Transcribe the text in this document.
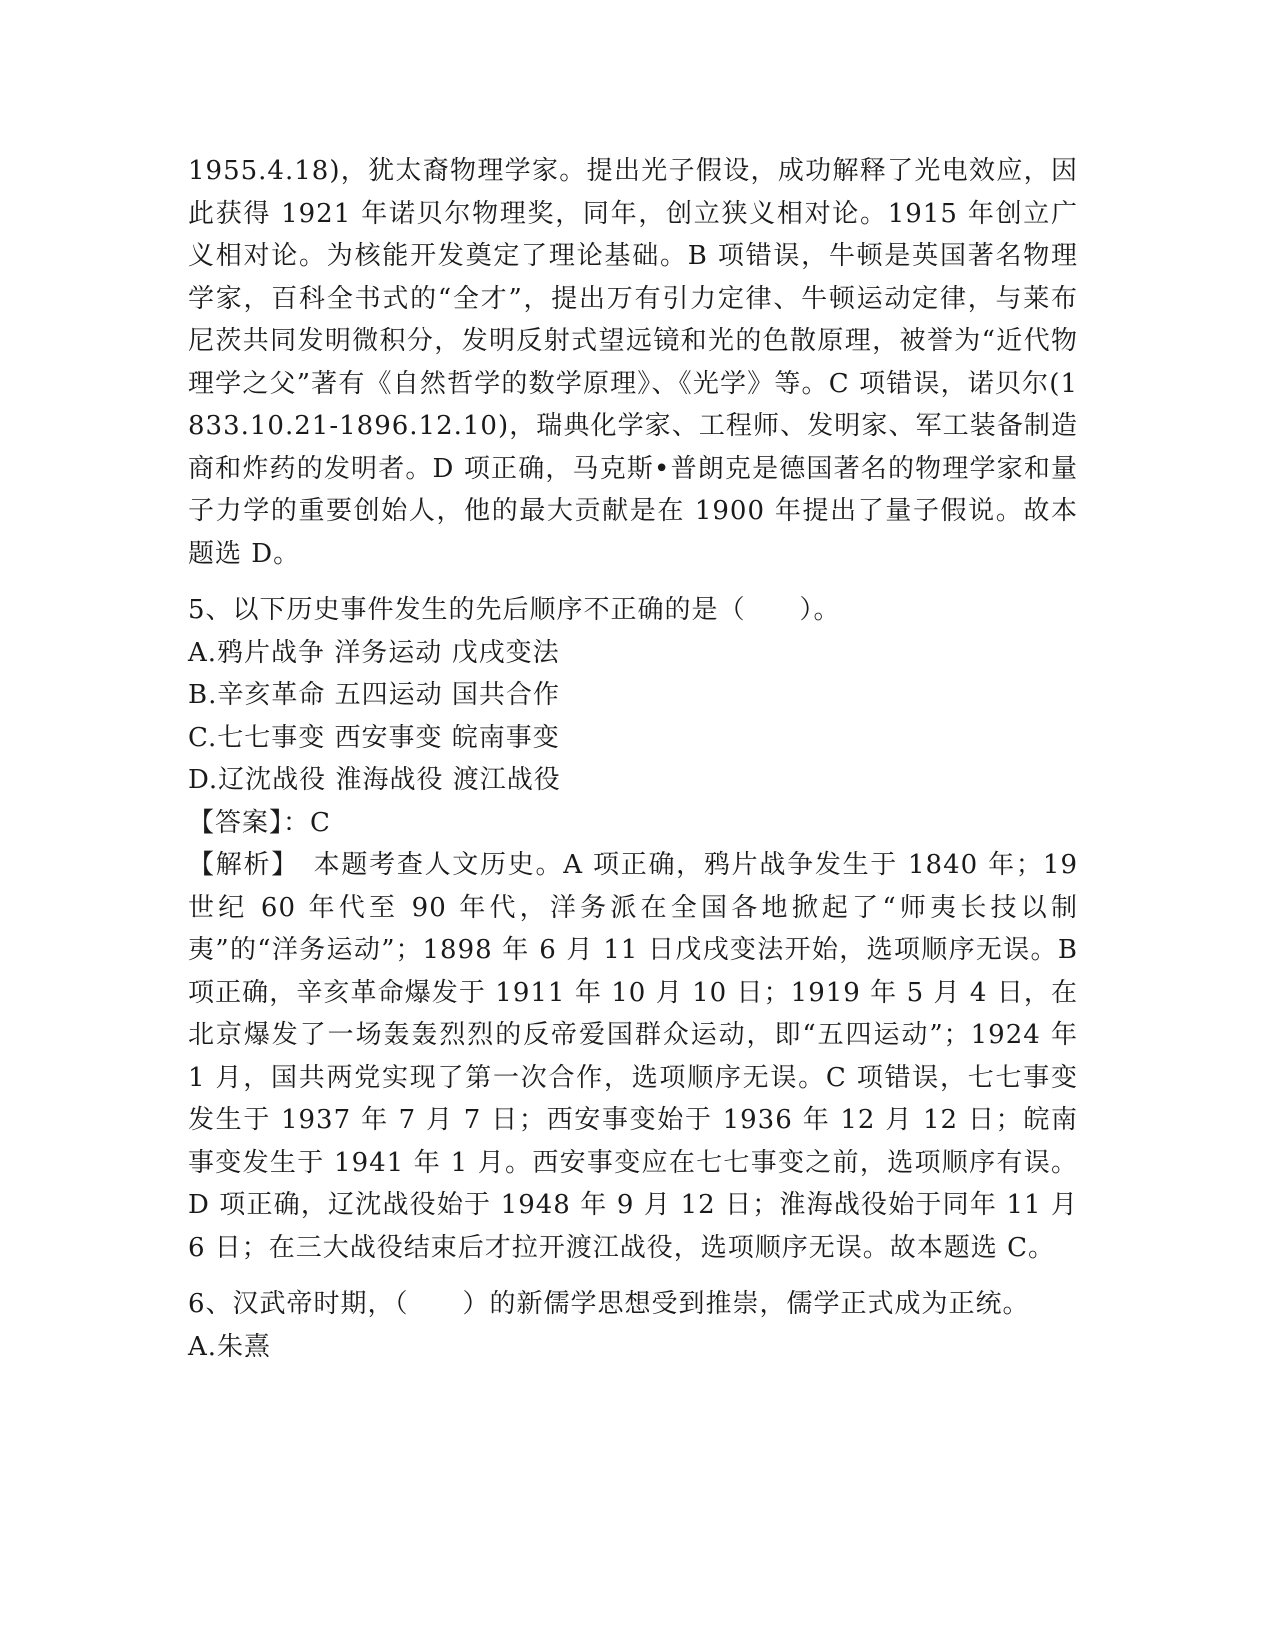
1955.4.18)，犹太裔物理学家。提出光子假设，成功解释了光电效应，因此获得 1921 年诺贝尔物理奖，同年，创立狭义相对论。1915 年创立广义相对论。为核能开发奠定了理论基础。B 项错误，牛顿是英国著名物理学家，百科全书式的“全才”，提出万有引力定律、牛顿运动定律，与莱布尼茨共同发明微积分，发明反射式望远镜和光的色散原理，被誉为“近代物理学之父”著有《自然哲学的数学原理》、《光学》等。C 项错误，诺贝尔(1833.10.21-1896.12.10)，瑞典化学家、工程师、发明家、军工装备制造商和炸药的发明者。D 项正确，马克斯•普朗克是德国著名的物理学家和量子力学的重要创始人，他的最大贡献是在 1900 年提出了量子假说。故本题选 D。

5、以下历史事件发生的先后顺序不正确的是（　　）。

A.鸦片战争 洋务运动 戊戌变法

B.辛亥革命 五四运动 国共合作

C.七七事变 西安事变 皖南事变

D.辽沈战役 淮海战役 渡江战役

【答案】：C

【解析】　本题考查人文历史。A 项正确，鸦片战争发生于 1840 年；19 世纪 60 年代至 90 年代，洋务派在全国各地掀起了“师夷长技以制夷”的“洋务运动”；1898 年 6 月 11 日戊戌变法开始，选项顺序无误。B 项正确，辛亥革命爆发于 1911 年 10 月 10 日；1919 年 5 月 4 日，在北京爆发了一场轰轰烈烈的反帝爱国群众运动，即“五四运动”；1924 年 1 月，国共两党实现了第一次合作，选项顺序无误。C 项错误，七七事变发生于 1937 年 7 月 7 日；西安事变始于 1936 年 12 月 12 日；皖南事变发生于 1941 年 1 月。西安事变应在七七事变之前，选项顺序有误。D 项正确，辽沈战役始于 1948 年 9 月 12 日；淮海战役始于同年 11 月 6 日；在三大战役结束后才拉开渡江战役，选项顺序无误。故本题选 C。

6、汉武帝时期，（　　）的新儒学思想受到推崇，儒学正式成为正统。

A.朱熹
